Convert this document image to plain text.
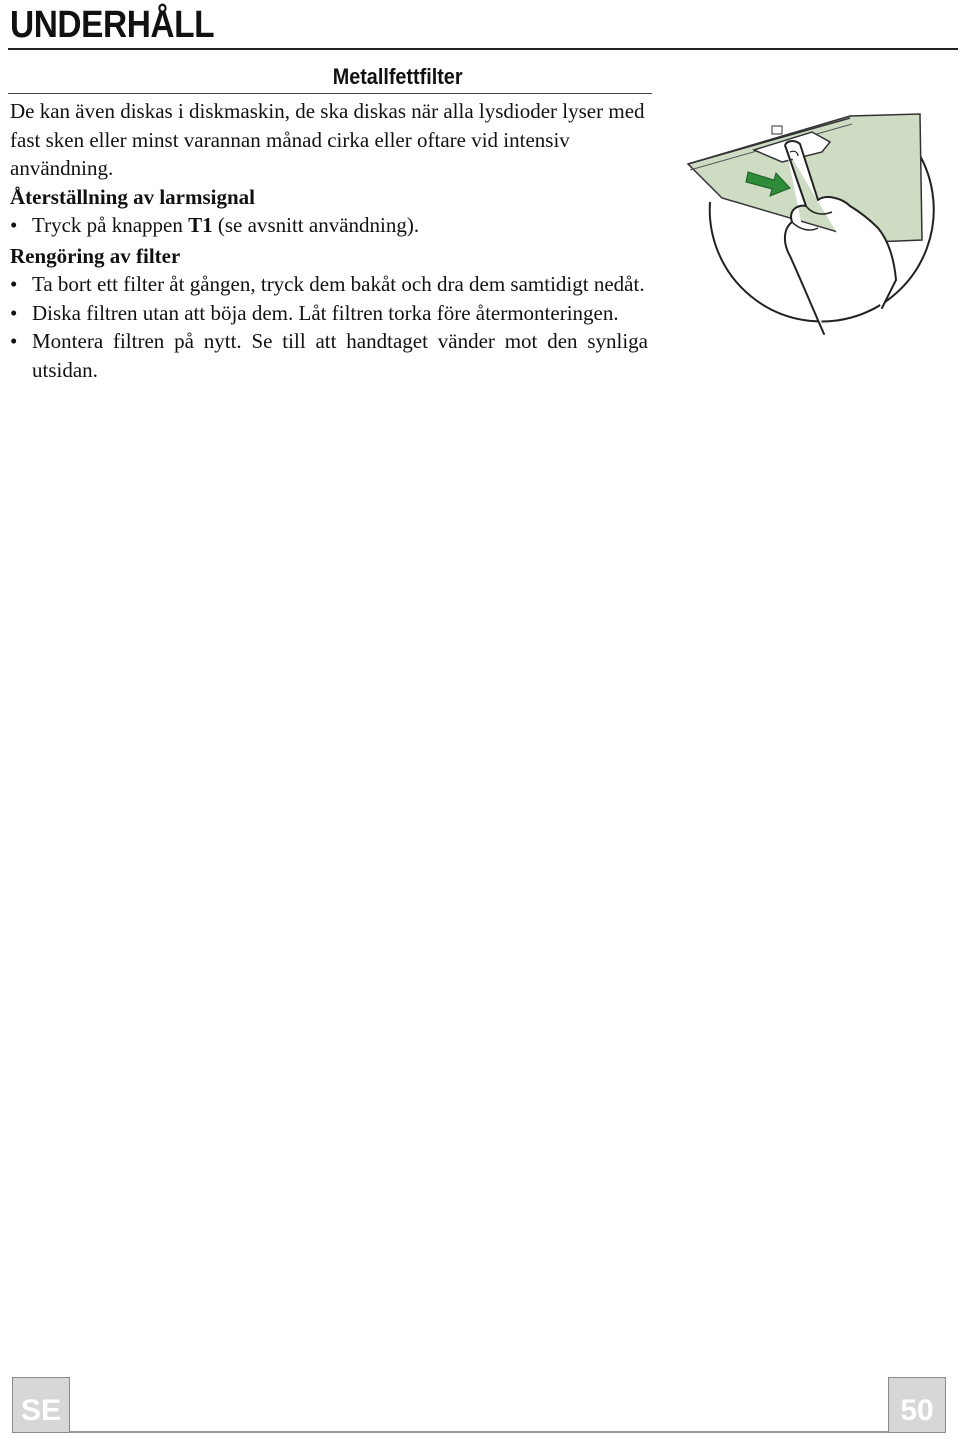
UNDERHÅLL
Metallfettfilter

De kan även diskas i diskmaskin, de ska diskas när alla lysdioder lyser med fast sken eller minst varannan månad cirka eller oftare vid intensiv användning.

Återställning av larmsignal

• Tryck på knappen T1 (se avsnitt användning).

Rengöring av filter

• Ta bort ett filter åt gången, tryck dem bakåt och dra dem samtidigt nedåt.
• Diska filtren utan att böja dem. Låt filtren torka före återmonteringen.
• Montera filtren på nytt. Se till att handtaget vänder mot den synliga utsidan.
SE	50
